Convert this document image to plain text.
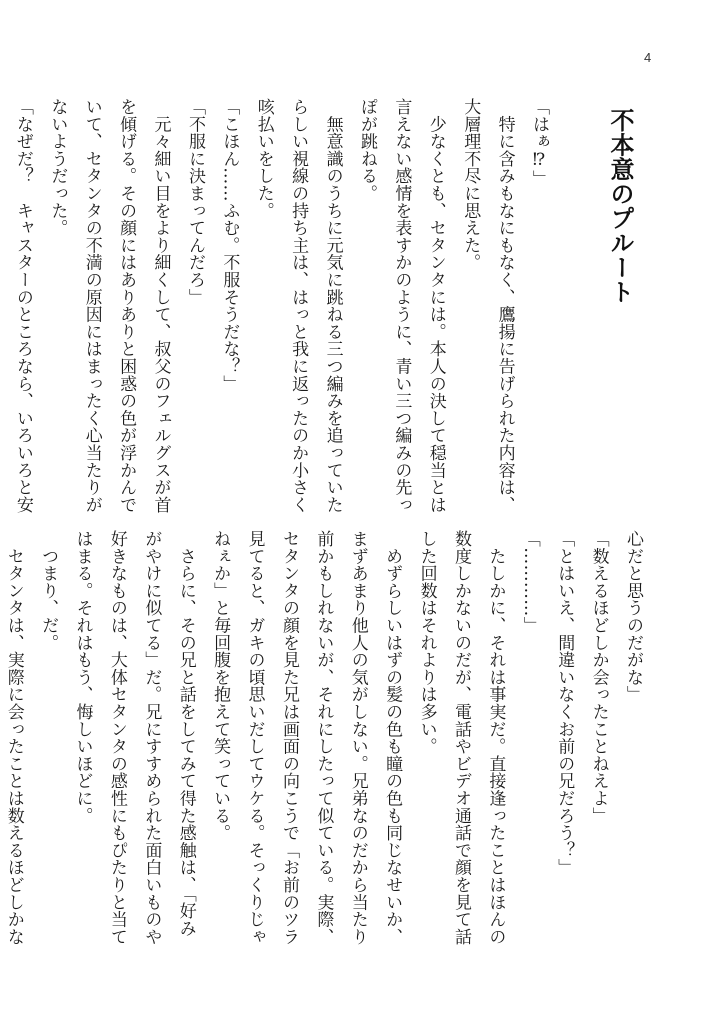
4
不本意のプルート
「はぁ⁉」
　特に含みもなにもなく、鷹揚に告げられた内容は、
大層理不尽に思えた。
　少なくとも、セタンタには。本人の決して穏当とは
言えない感情を表すかのように、青い三つ編みの先っ
ぽが跳ねる。
　無意識のうちに元気に跳ねる三つ編みを追っていた
らしい視線の持ち主は、はっと我に返ったのか小さく
咳払いをした。
「こほん……ふむ。不服そうだな？」
「不服に決まってんだろ」
　元々細い目をより細くして、叔父のフェルグスが首
を傾げる。その顔にはありありと困惑の色が浮かんで
いて、セタンタの不満の原因にはまったく心当たりが
ないようだった。
「なぜだ？　キャスターのところなら、いろいろと安
心だと思うのだがな」
「数えるほどしか会ったことねえよ」
「とはいえ、間違いなくお前の兄だろう？」
「…………」
　たしかに、それは事実だ。直接逢ったことはほんの
数度しかないのだが、電話やビデオ通話で顔を見て話
した回数はそれよりは多い。
　めずらしいはずの髪の色も瞳の色も同じなせいか、
まずあまり他人の気がしない。兄弟なのだから当たり
前かもしれないが、それにしたって似ている。実際、
セタンタの顔を見た兄は画面の向こうで「お前のツラ
見てると、ガキの頃思いだしてウケる。そっくりじゃ
ねぇか」と毎回腹を抱えて笑っている。
　さらに、その兄と話をしてみて得た感触は、「好み
がやけに似てる」だ。兄にすすめられた面白いものや
好きなものは、大体セタンタの感性にもぴたりと当て
はまる。それはもう、悔しいほどに。
　つまり、だ。
　セタンタは、実際に会ったことは数えるほどしかな
